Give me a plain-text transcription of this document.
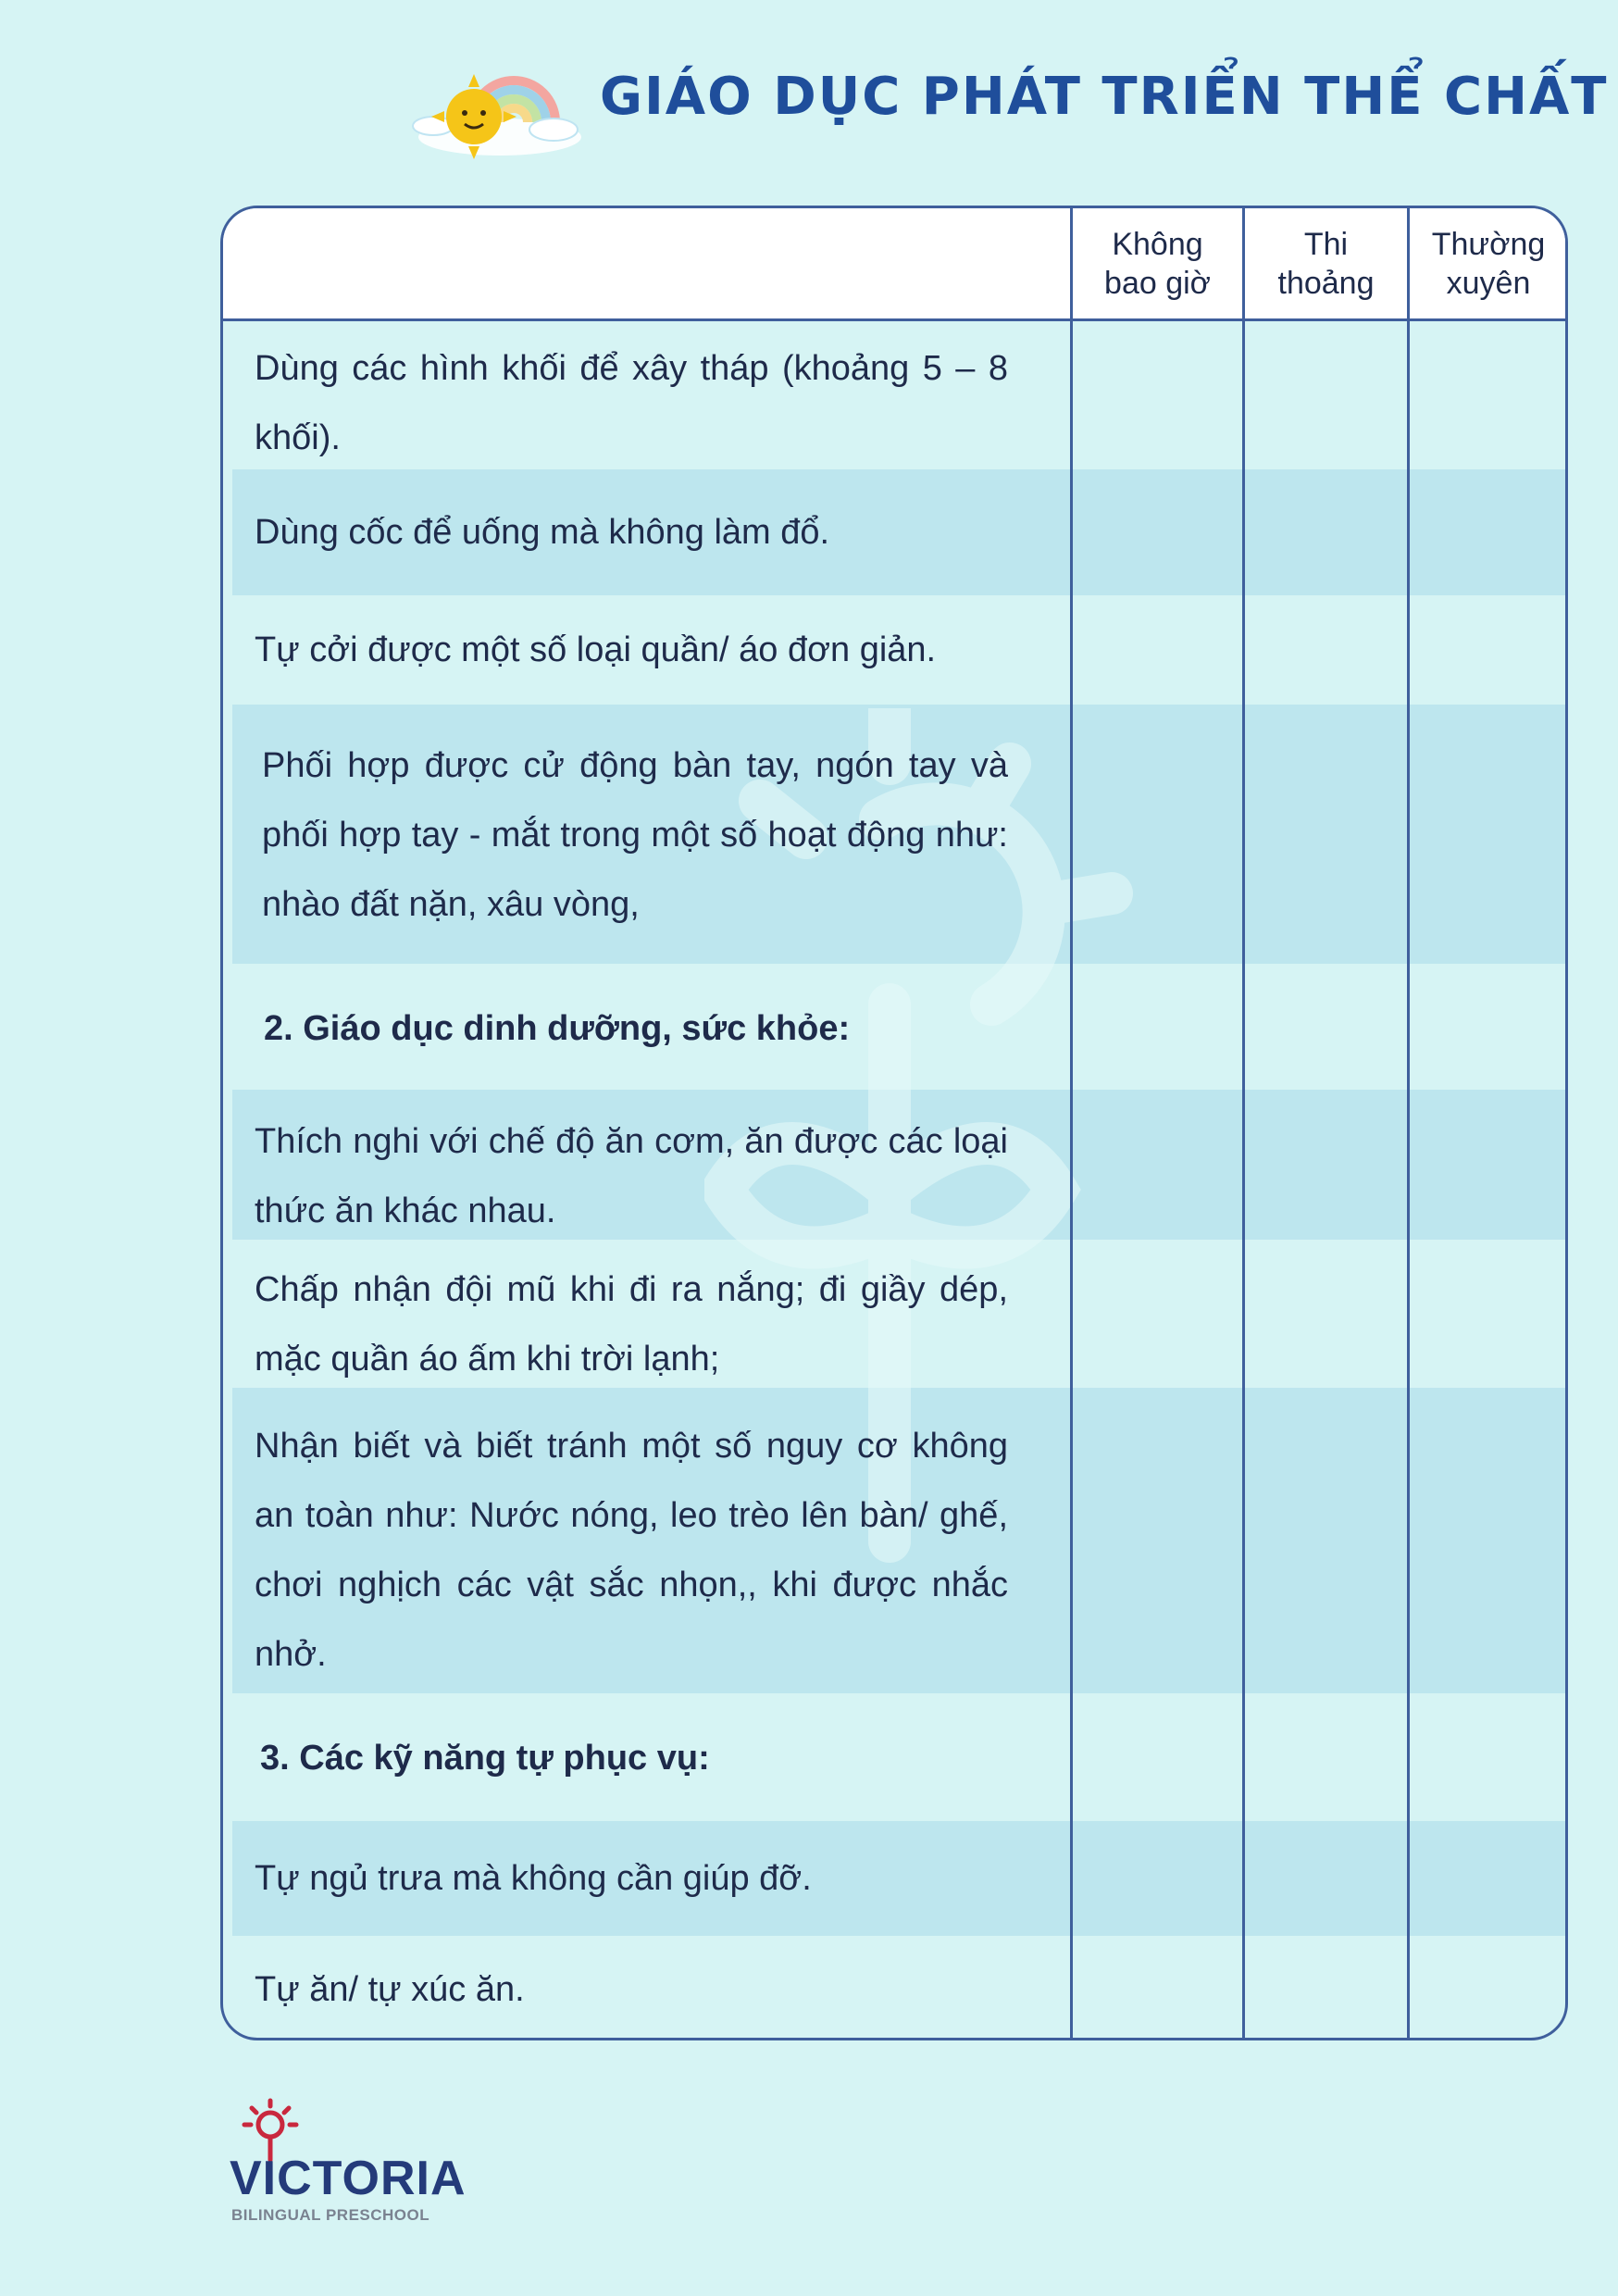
GIÁO DỤC PHÁT TRIỂN THỂ CHẤT
Không
bao giờ
Thi
thoảng
Thường
xuyên
Dùng các hình khối để xây tháp (khoảng 5 – 8 khối).
Dùng cốc để uống mà không làm đổ.
Tự cởi được một số loại quần/ áo đơn giản.
Phối hợp được cử động bàn tay, ngón tay và phối hợp tay - mắt trong một số hoạt động như: nhào đất nặn, xâu vòng,
2. Giáo dục dinh dưỡng, sức khỏe:
Thích nghi với chế độ ăn cơm, ăn được các loại thức ăn khác nhau.
Chấp nhận đội mũ khi đi ra nắng; đi giầy dép, mặc quần áo ấm khi trời lạnh;
Nhận biết và biết tránh một số nguy cơ không an toàn như: Nước nóng, leo trèo lên bàn/ ghế, chơi nghịch các vật sắc nhọn,, khi được nhắc nhở.
3. Các kỹ năng tự phục vụ:
Tự ngủ trưa mà không cần giúp đỡ.
Tự ăn/ tự xúc ăn.
VICTORIA
BILINGUAL PRESCHOOL
